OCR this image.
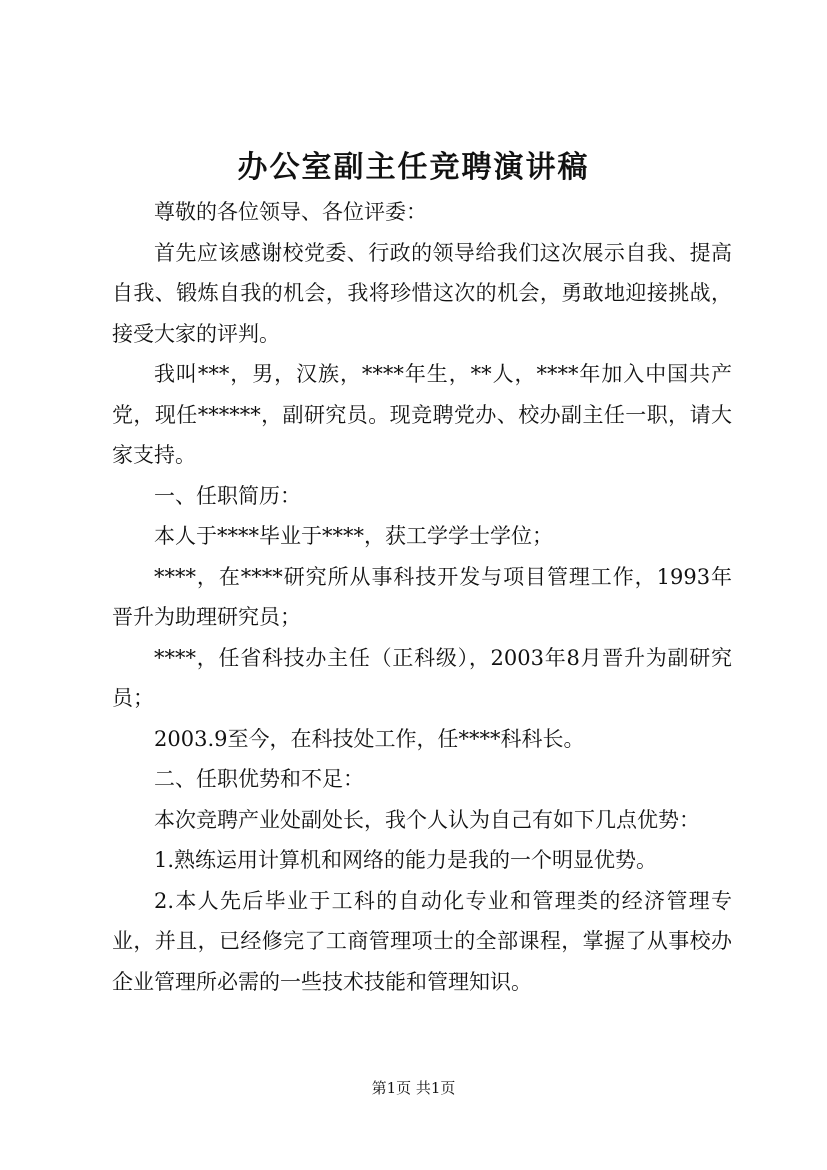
办公室副主任竞聘演讲稿

尊敬的各位领导、各位评委：

首先应该感谢校党委、行政的领导给我们这次展示自我、提高自我、锻炼自我的机会，我将珍惜这次的机会，勇敢地迎接挑战，接受大家的评判。

我叫***，男，汉族，****年生，**人，****年加入中国共产党，现任******，副研究员。现竞聘党办、校办副主任一职，请大家支持。

一、任职简历：

本人于****毕业于****，获工学学士学位；

****，在****研究所从事科技开发与项目管理工作，1993年晋升为助理研究员；

****，任省科技办主任（正科级），2003年8月晋升为副研究员；

2003.9至今，在科技处工作，任****科科长。

二、任职优势和不足：

本次竞聘产业处副处长，我个人认为自己有如下几点优势：

1.熟练运用计算机和网络的能力是我的一个明显优势。

2.本人先后毕业于工科的自动化专业和管理类的经济管理专业，并且，已经修完了工商管理项士的全部课程，掌握了从事校办企业管理所必需的一些技术技能和管理知识。

第1页 共1页
